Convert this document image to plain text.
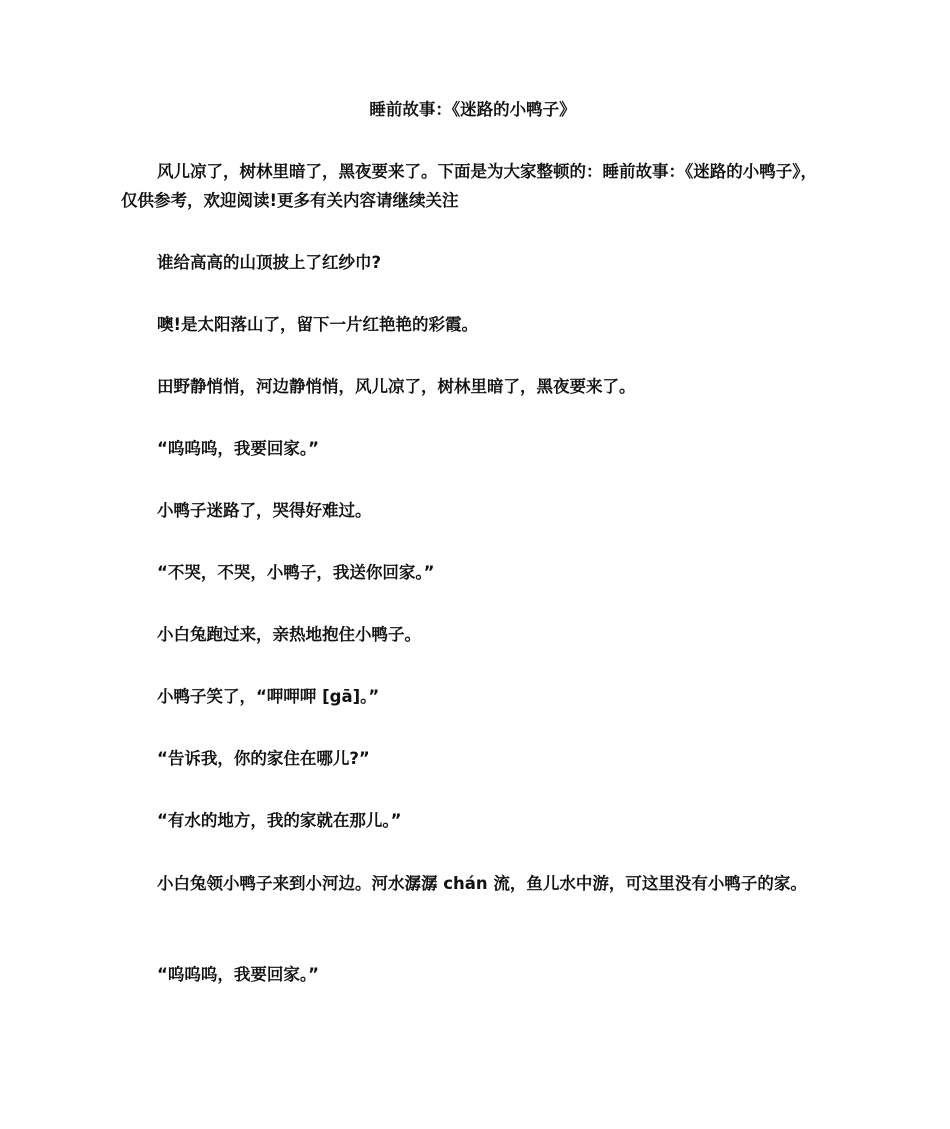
睡前故事：《迷路的小鸭子》

风儿凉了，树林里暗了，黑夜要来了。下面是为大家整顿的：睡前故事：《迷路的小鸭子》，仅供参考，欢迎阅读!更多有关内容请继续关注

谁给高高的山顶披上了红纱巾?

噢!是太阳落山了，留下一片红艳艳的彩霞。

田野静悄悄，河边静悄悄，风儿凉了，树林里暗了，黑夜要来了。

“呜呜呜，我要回家。”

小鸭子迷路了，哭得好难过。

“不哭，不哭，小鸭子，我送你回家。”

小白兔跑过来，亲热地抱住小鸭子。

小鸭子笑了，“呷呷呷 [gā]。”

“告诉我，你的家住在哪儿?”

“有水的地方，我的家就在那儿。”

小白兔领小鸭子来到小河边。河水潺潺 chán 流，鱼儿水中游，可这里没有小鸭子的家。

“呜呜呜，我要回家。”
